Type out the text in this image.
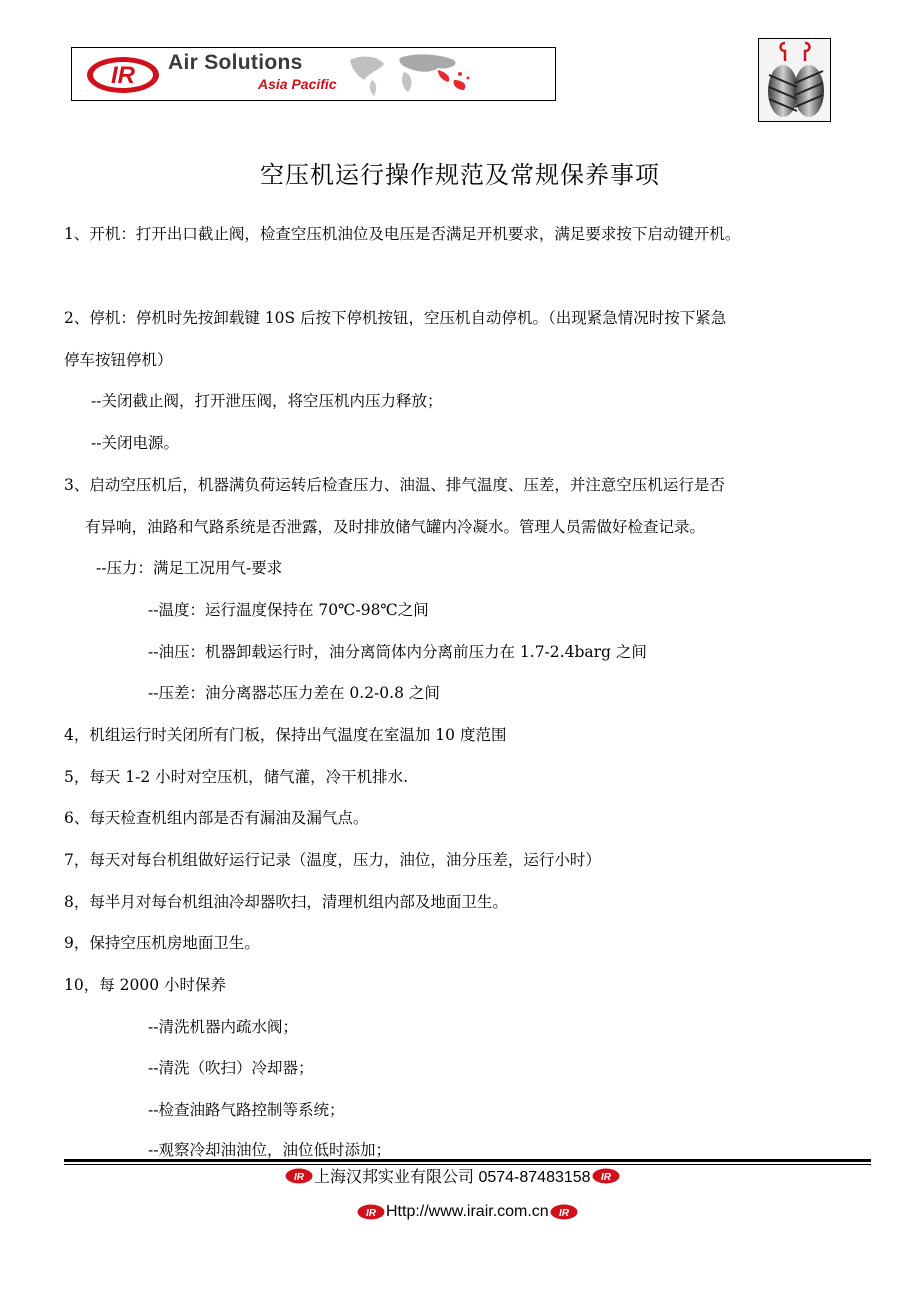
IR Air Solutions
Asia Pacific
空压机运行操作规范及常规保养事项
1、开机：打开出口截止阀，检查空压机油位及电压是否满足开机要求，满足要求按下启动键开机。
2、停机：停机时先按卸载键 10S 后按下停机按钮，空压机自动停机。（出现紧急情况时按下紧急
停车按钮停机）
--关闭截止阀，打开泄压阀，将空压机内压力释放；
--关闭电源。
3、启动空压机后，机器满负荷运转后检查压力、油温、排气温度、压差，并注意空压机运行是否
有异响，油路和气路系统是否泄露，及时排放储气罐内冷凝水。管理人员需做好检查记录。
--压力：满足工况用气-要求
--温度：运行温度保持在 70℃-98℃之间
--油压：机器卸载运行时，油分离筒体内分离前压力在 1.7-2.4barg 之间
--压差：油分离器芯压力差在 0.2-0.8 之间
4，机组运行时关闭所有门板，保持出气温度在室温加 10 度范围
5，每天 1-2 小时对空压机，储气灌，冷干机排水.
6、每天检查机组内部是否有漏油及漏气点。
7，每天对每台机组做好运行记录（温度，压力，油位，油分压差，运行小时）
8，每半月对每台机组油冷却器吹扫，清理机组内部及地面卫生。
9，保持空压机房地面卫生。
10，每 2000 小时保养
--清洗机器内疏水阀；
--清洗（吹扫）冷却器；
--检查油路气路控制等系统；
--观察冷却油油位，油位低时添加；
IR 上海汉邦实业有限公司 0574-87483158 IR
IR Http://www.irair.com.cn IR
